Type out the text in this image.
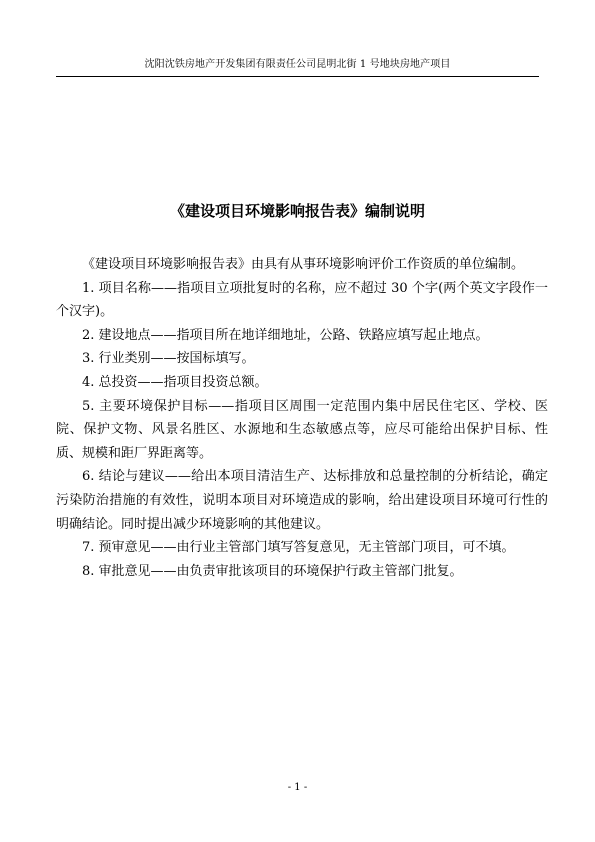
沈阳沈铁房地产开发集团有限责任公司昆明北街 1 号地块房地产项目
《建设项目环境影响报告表》编制说明

《建设项目环境影响报告表》由具有从事环境影响评价工作资质的单位编制。

1. 项目名称——指项目立项批复时的名称，应不超过 30 个字(两个英文字段作一个汉字)。

2. 建设地点——指项目所在地详细地址，公路、铁路应填写起止地点。

3. 行业类别——按国标填写。

4. 总投资——指项目投资总额。

5. 主要环境保护目标——指项目区周围一定范围内集中居民住宅区、学校、医院、保护文物、风景名胜区、水源地和生态敏感点等，应尽可能给出保护目标、性质、规模和距厂界距离等。

6. 结论与建议——给出本项目清洁生产、达标排放和总量控制的分析结论，确定污染防治措施的有效性，说明本项目对环境造成的影响，给出建设项目环境可行性的明确结论。同时提出减少环境影响的其他建议。

7. 预审意见——由行业主管部门填写答复意见，无主管部门项目，可不填。

8. 审批意见——由负责审批该项目的环境保护行政主管部门批复。

- 1 -
